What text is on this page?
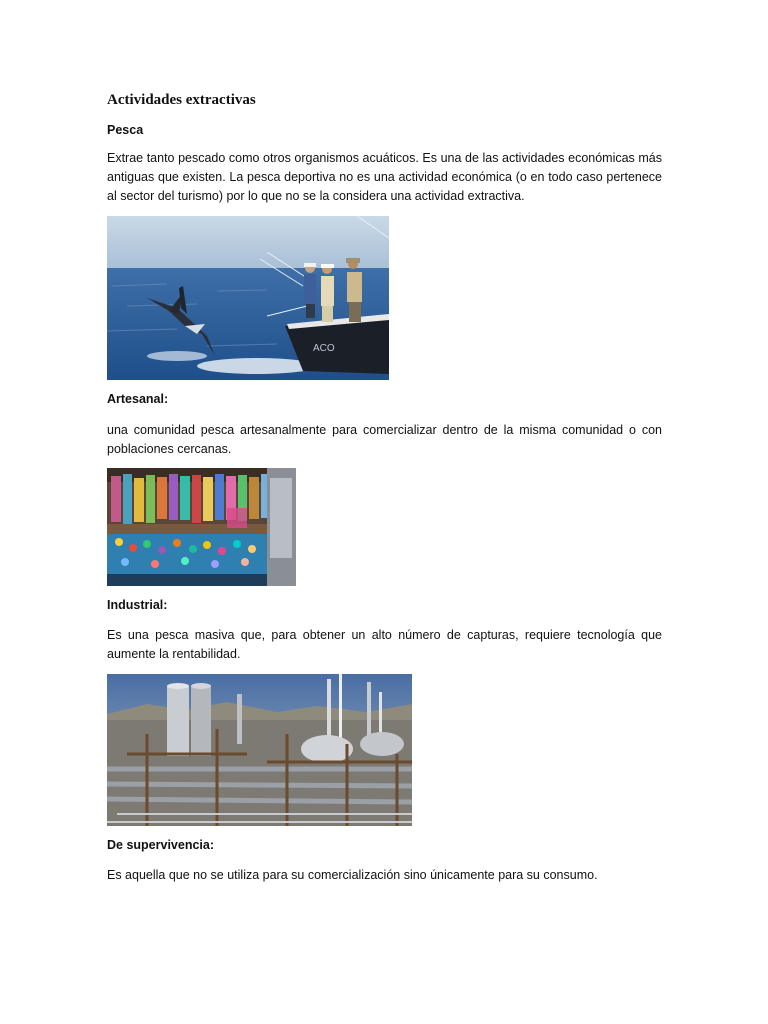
Actividades extractivas
Pesca

Extrae tanto pescado como otros organismos acuáticos. Es una de las actividades económicas más antiguas que existen. La pesca deportiva no es una actividad económica (o en todo caso pertenece al sector del turismo) por lo que no se la considera una actividad extractiva.

ACO
Artesanal:

una comunidad pesca artesanalmente para comercializar dentro de la misma comunidad o con poblaciones cercanas.

Industrial:

Es una pesca masiva que, para obtener un alto número de capturas, requiere tecnología que aumente la rentabilidad.

De supervivencia:

Es aquella que no se utiliza para su comercialización sino únicamente para su consumo.
